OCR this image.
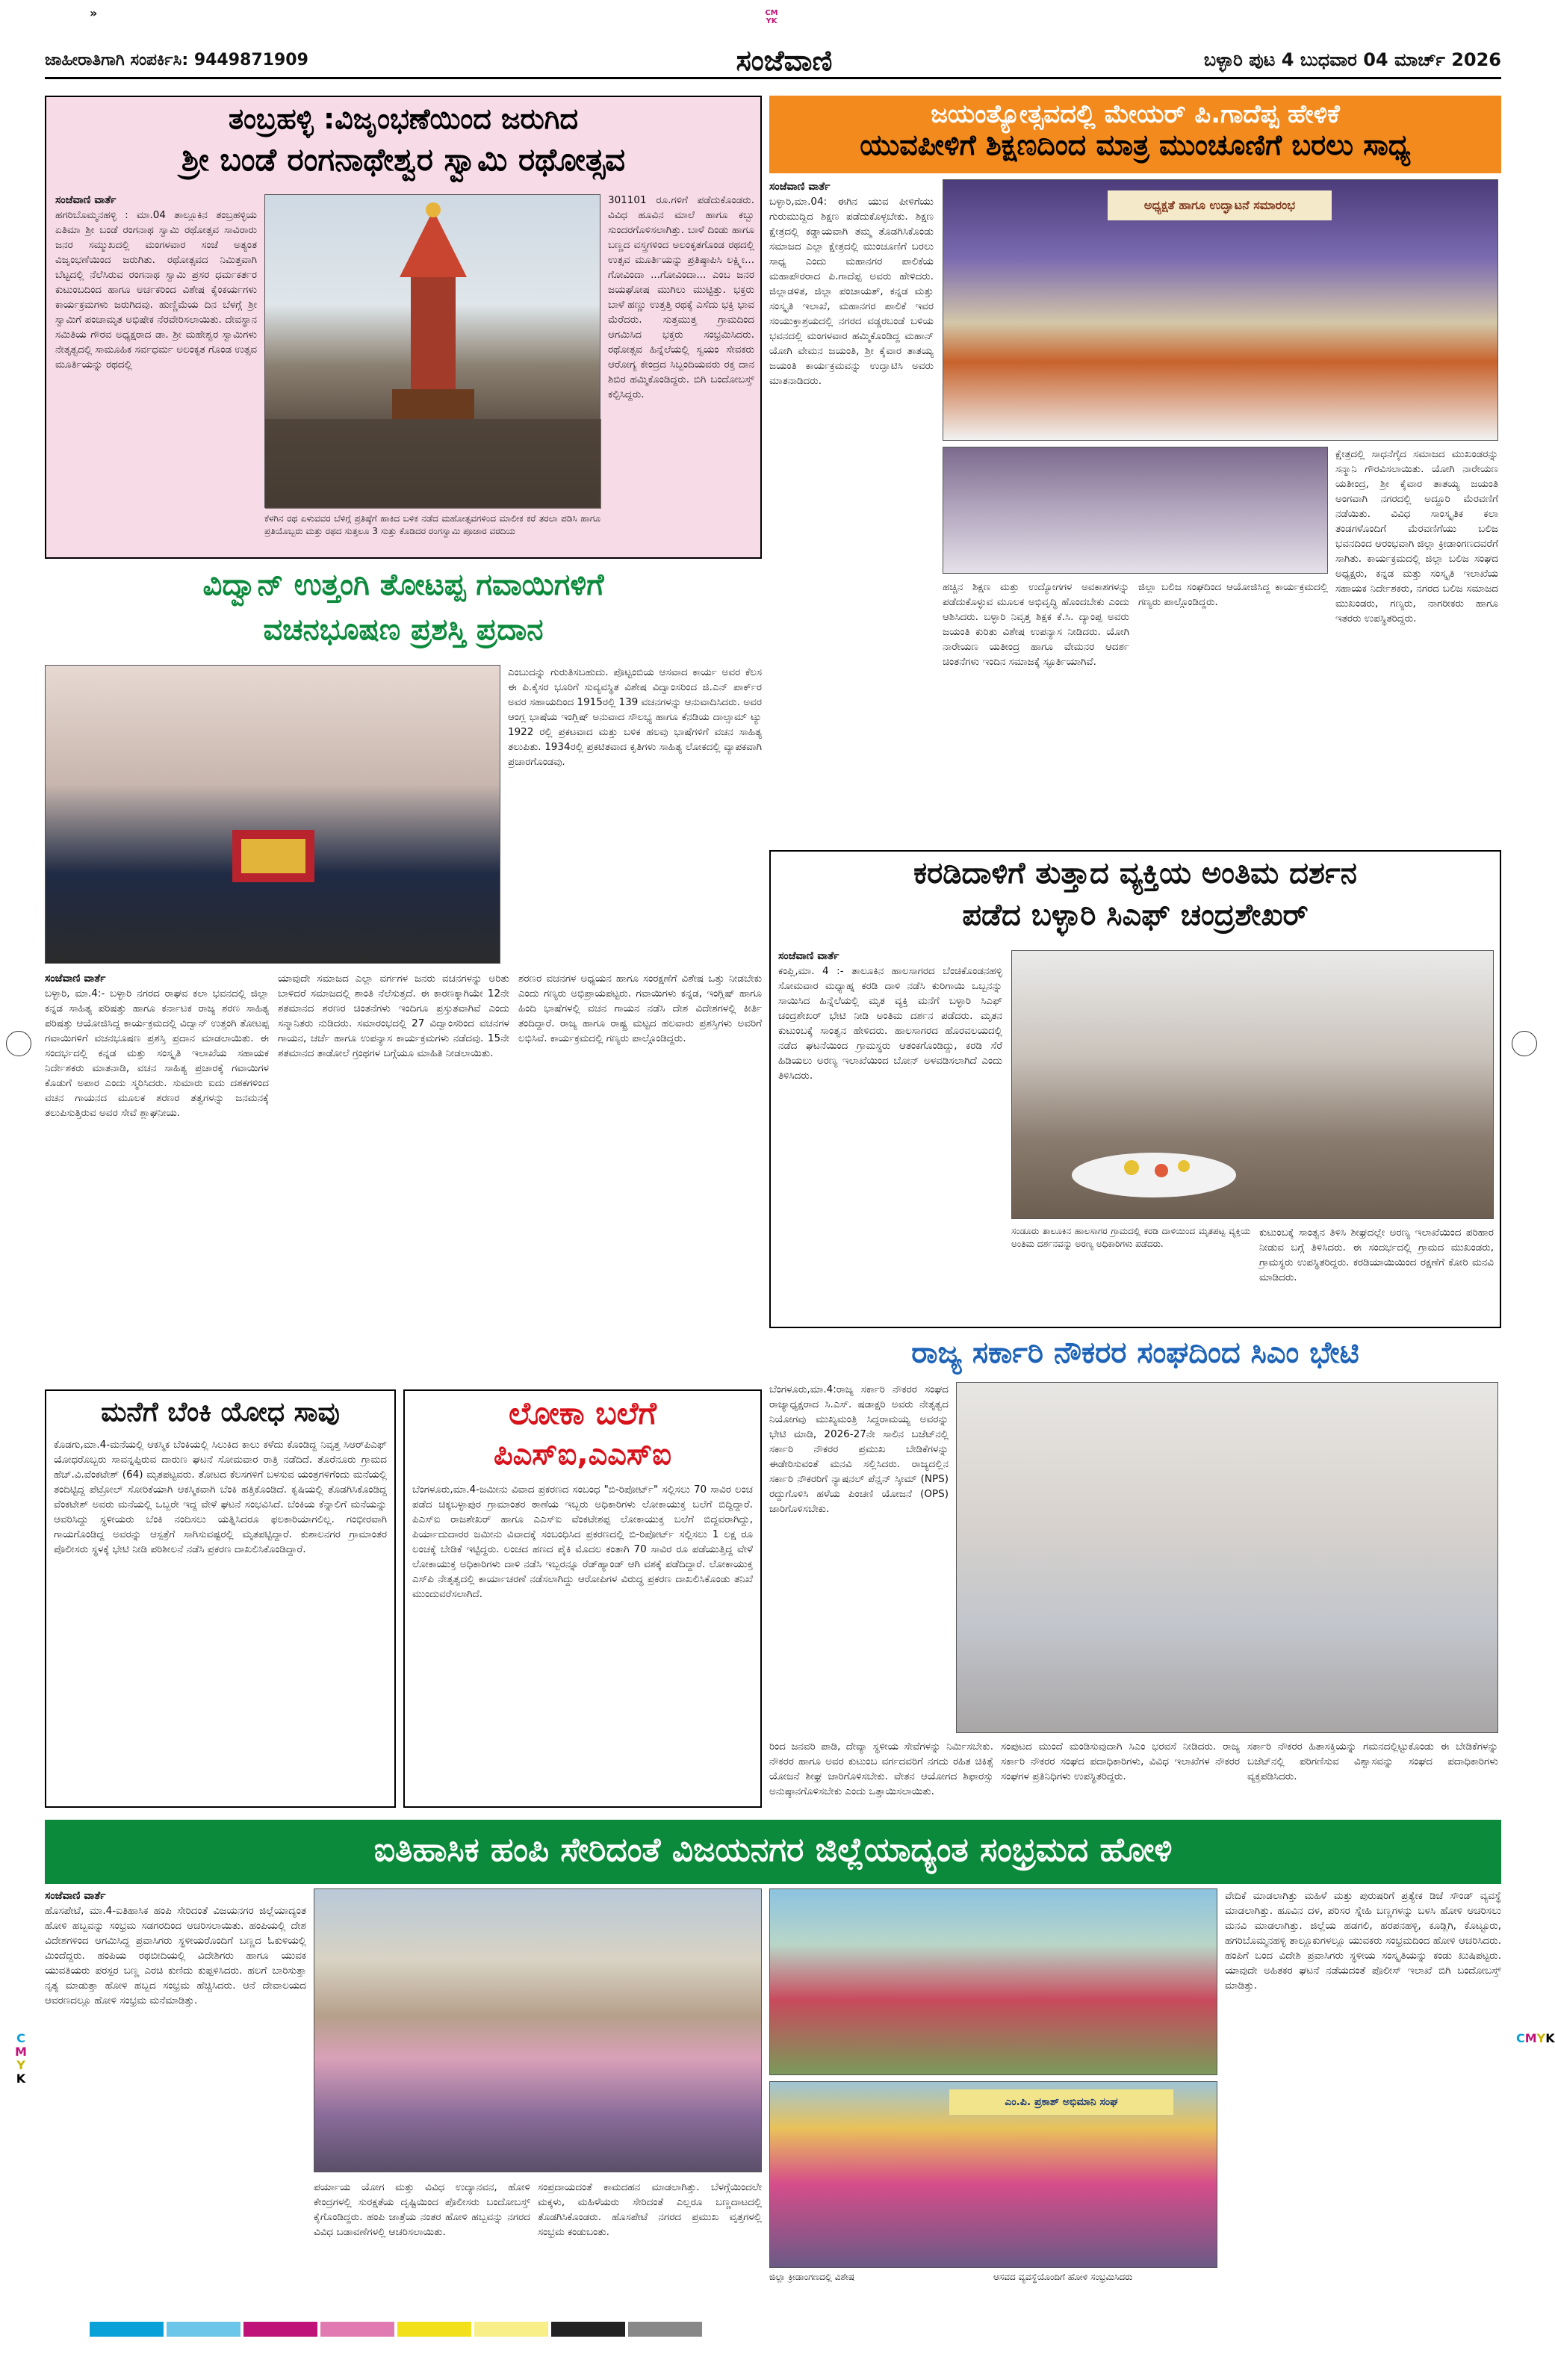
»	CMYK
CMYK
CMYK
ಜಾಹೀರಾತಿಗಾಗಿ ಸಂಪರ್ಕಿಸಿ: 9449871909	ಸಂಜೆವಾಣಿ	ಬಳ್ಳಾರಿ ಪುಟ 4 ಬುಧವಾರ 04 ಮಾರ್ಚ್ 2026
ತಂಬ್ರಹಳ್ಳಿ :ವಿಜೃಂಭಣೆಯಿಂದ ಜರುಗಿದ
ಶ್ರೀ ಬಂಡೆ ರಂಗನಾಥೇಶ್ವರ ಸ್ವಾಮಿ ರಥೋತ್ಸವ
ಸಂಜೆವಾಣಿ ವಾರ್ತೆ
ಹಗರಿಬೊಮ್ಮನಹಳ್ಳಿ : ಮಾ.04 ತಾಲ್ಲೂಕಿನ ತಂಬ್ರಹಳ್ಳಿಯ ಏತಿಮಾ ಶ್ರೀ ಬಂಡೆ ರಂಗನಾಥ ಸ್ವಾಮಿ ರಥೋತ್ಸವ ಸಾವಿರಾರು ಜನರ ಸಮ್ಮುಖದಲ್ಲಿ ಮಂಗಳವಾರ ಸಂಜೆ ಅತ್ಯಂತ ವಿಜೃಂಭಣೆಯಿಂದ ಜರುಗಿತು. ರಥೋತ್ಸವದ ನಿಮಿತ್ತವಾಗಿ ಬೆಟ್ಟದಲ್ಲಿ ನೆಲೆಸಿರುವ ರಂಗನಾಥ ಸ್ವಾಮಿ ಪ್ರಸರ ಧರ್ಮಕರ್ತರ ಕುಟುಂಬದಿಂದ ಹಾಗೂ ಅರ್ಚಕರಿಂದ ವಿಶೇಷ ಕೈಂಕರ್ಯಗಳು ಕಾರ್ಯಕ್ರಮಗಳು ಜರುಗಿದವು. ಹುಣ್ಣಿಮೆಯ ದಿನ ಬೆಳಗ್ಗೆ ಶ್ರೀ ಸ್ವಾಮಿಗೆ ಪಂಚಾಮೃತ ಅಭಿಷೇಕ ನೆರವೇರಿಸಲಾಯಿತು. ದೇವಸ್ಥಾನ ಸಮಿತಿಯ ಗೌರವ ಅಧ್ಯಕ್ಷರಾದ ಡಾ. ಶ್ರೀ ಮಹೇಶ್ವರ ಸ್ವಾಮಿಗಳು ನೇತೃತ್ವದಲ್ಲಿ ಸಾಮೂಹಿಕ ಸರ್ವಧರ್ಮ ಅಲಂಕೃತ ಗೊಂಡ ಉತ್ಸವ ಮೂರ್ತಿಯನ್ನು ರಥದಲ್ಲಿ
ಕೆಳಗಿನ ರಥ ಏಳುವವರ ಬೆಳಿಗ್ಗೆ ಪ್ರತಿಷ್ಠೆಗೆ ಹಾಕಿದ ಬಳಿಕ ನಡೆದ ಮಹೋತ್ಸವಗಳಿಂದ ಮಾಲೀಕ ಕರೆ ತರಲಾ ಪಡಿಸಿ ಹಾಗೂ ಪ್ರತಿಯೊಬ್ಬರು ಮತ್ತು ರಥದ ಸುತ್ತಲೂ 3 ಸುತ್ತು ಕೊಡಿದರ ರಂಗಸ್ವಾಮಿ ಪೂಜಾರ ವರದಿಯ
301101 ರೂ.ಗಳಿಗೆ ಪಡೆದುಕೊಂಡರು. ವಿವಿಧ ಹೂವಿನ ಮಾಲೆ ಹಾಗೂ ಕಬ್ಬು ಸುಂದರಗೊಳಿಸಲಾಗಿತ್ತು. ಬಾಳೆ ದಿಂಡು ಹಾಗೂ ಬಣ್ಣದ ವಸ್ತ್ರಗಳಿಂದ ಅಲಂಕೃತಗೊಂಡ ರಥದಲ್ಲಿ ಉತ್ಸವ ಮೂರ್ತಿಯನ್ನು ಪ್ರತಿಷ್ಠಾಪಿಸಿ ಲಕ್ಷ್ಮೀ... ಗೋವಿಂದಾ ...ಗೋವಿಂದಾ... ಎಂಬ ಜನರ ಜಯಘೋಷ ಮುಗಿಲು ಮುಟ್ಟಿತ್ತು. ಭಕ್ತರು ಬಾಳೆ ಹಣ್ಣು ಉತ್ತತ್ತಿ ರಥಕ್ಕೆ ಎಸೆದು ಭಕ್ತಿ ಭಾವ ಮೆರೆದರು. ಸುತ್ತಮುತ್ತ ಗ್ರಾಮದಿಂದ ಆಗಮಿಸಿದ ಭಕ್ತರು ಸಂಭ್ರಮಿಸಿದರು. ರಥೋತ್ಸವ ಹಿನ್ನೆಲೆಯಲ್ಲಿ ಸ್ವಯಂ ಸೇವಕರು ಆರೋಗ್ಯ ಕೇಂದ್ರದ ಸಿಬ್ಬಂದಿಯವರು ರಕ್ತ ದಾನ ಶಿಬಿರ ಹಮ್ಮಿಕೊಂಡಿದ್ದರು. ಬಿಗಿ ಬಂದೋಬಸ್ತ್ ಕಲ್ಪಿಸಿದ್ದರು.
ಜಯಂತ್ಯೋತ್ಸವದಲ್ಲಿ ಮೇಯರ್ ಪಿ.ಗಾದೆಪ್ಪ ಹೇಳಿಕೆ
ಯುವಪೀಳಿಗೆ ಶಿಕ್ಷಣದಿಂದ ಮಾತ್ರ ಮುಂಚೂಣಿಗೆ ಬರಲು ಸಾಧ್ಯ
ಸಂಜೆವಾಣಿ ವಾರ್ತೆ
ಬಳ್ಳಾರಿ,ಮಾ.04: ಈಗಿನ ಯುವ ಪೀಳಿಗೆಯು ಗುರುಮುದ್ದಿದ ಶಿಕ್ಷಣ ಪಡೆದುಕೊಳ್ಳಬೇಕು. ಶಿಕ್ಷಣ ಕ್ಷೇತ್ರದಲ್ಲಿ ಕಡ್ಡಾಯವಾಗಿ ತಮ್ಮ ತೊಡಗಿಸಿಕೊಂಡು ಸಮಾಜದ ಎಲ್ಲಾ ಕ್ಷೇತ್ರದಲ್ಲಿ ಮುಂಚೂಣಿಗೆ ಬರಲು ಸಾಧ್ಯ ಎಂದು ಮಹಾನಗರ ಪಾಲಿಕೆಯ ಮಹಾಪೌರರಾದ ಪಿ.ಗಾದೆಪ್ಪ ಅವರು ಹೇಳಿದರು. ಜಿಲ್ಲಾಡಳಿತ, ಜಿಲ್ಲಾ ಪಂಚಾಯತ್, ಕನ್ನಡ ಮತ್ತು ಸಂಸ್ಕೃತಿ ಇಲಾಖೆ, ಮಹಾನಗರ ಪಾಲಿಕೆ ಇವರ ಸಂಯುಕ್ತಾಶ್ರಯದಲ್ಲಿ ನಗರದ ವಡ್ಡರಬಂಡೆ ಬಳಿಯ ಭವನದಲ್ಲಿ ಮಂಗಳವಾರ ಹಮ್ಮಿಕೊಂಡಿದ್ದ ಮಹಾನ್ ಯೋಗಿ ವೇಮನ ಜಯಂತಿ, ಶ್ರೀ ಕೈವಾರ ತಾತಯ್ಯ ಜಯಂತಿ ಕಾರ್ಯಕ್ರಮವನ್ನು ಉದ್ಘಾಟಿಸಿ ಅವರು ಮಾತನಾಡಿದರು.
ಅಧ್ಯಕ್ಷತೆ ಹಾಗೂ ಉದ್ಘಾಟನೆ ಸಮಾರಂಭ
ಹಚ್ಚಿನ ಶಿಕ್ಷಣ ಮತ್ತು ಉದ್ಯೋಗಗಳ ಅವಕಾಶಗಳನ್ನು ಪಡೆದುಕೊಳ್ಳುವ ಮೂಲಕ ಅಭಿವೃದ್ಧಿ ಹೊಂದಬೇಕು ಎಂದು ಆಶಿಸಿದರು. ಬಳ್ಳಾರಿ ನಿವೃತ್ತ ಶಿಕ್ಷಕ ಕೆ.ಸಿ. ದ್ಯಾಂಪ್ಪ ಅವರು ಜಯಂತಿ ಕುರಿತು ವಿಶೇಷ ಉಪನ್ಯಾಸ ನೀಡಿದರು. ಯೋಗಿ ನಾರೇಯಣ ಯತೀಂದ್ರ ಹಾಗೂ ವೇಮನರ ಆದರ್ಶ ಚಿಂತನೆಗಳು ಇಂದಿನ ಸಮಾಜಕ್ಕೆ ಸ್ಫೂರ್ತಿಯಾಗಿವೆ.
ಜಿಲ್ಲಾ ಬಲಿಜ ಸಂಘದಿಂದ ಆಯೋಜಿಸಿದ್ದ ಕಾರ್ಯಕ್ರಮದಲ್ಲಿ ಗಣ್ಯರು ಪಾಲ್ಗೊಂಡಿದ್ದರು.
ಕ್ಷೇತ್ರದಲ್ಲಿ ಸಾಧನೆಗೈದ ಸಮಾಜದ ಮುಖಂಡರನ್ನು ಸನ್ಮಾನಿ ಗೌರವಿಸಲಾಯಿತು. ಯೋಗಿ ನಾರೇಯಣ ಯತೀಂದ್ರ, ಶ್ರೀ ಕೈವಾರ ತಾತಯ್ಯ ಜಯಂತಿ ಅಂಗವಾಗಿ ನಗರದಲ್ಲಿ ಅದ್ದೂರಿ ಮೆರವಣಿಗೆ ನಡೆಯಿತು. ವಿವಿಧ ಸಾಂಸ್ಕೃತಿಕ ಕಲಾ ತಂಡಗಳೊಂದಿಗೆ ಮೆರವಣಿಗೆಯು ಬಲಿಜ ಭವನದಿಂದ ಆರಂಭವಾಗಿ ಜಿಲ್ಲಾ ಕ್ರೀಡಾಂಗಣದವರೆಗೆ ಸಾಗಿತು. ಕಾರ್ಯಕ್ರಮದಲ್ಲಿ ಜಿಲ್ಲಾ ಬಲಿಜ ಸಂಘದ ಅಧ್ಯಕ್ಷರು, ಕನ್ನಡ ಮತ್ತು ಸಂಸ್ಕೃತಿ ಇಲಾಖೆಯ ಸಹಾಯಕ ನಿರ್ದೇಶಕರು, ನಗರದ ಬಲಿಜ ಸಮಾಜದ ಮುಖಂಡರು, ಗಣ್ಯರು, ನಾಗರೀಕರು ಹಾಗೂ ಇತರರು ಉಪಸ್ಥಿತರಿದ್ದರು.
ವಿದ್ವಾನ್ ಉತ್ತಂಗಿ ತೋಟಪ್ಪ ಗವಾಯಿಗಳಿಗೆ
ವಚನಭೂಷಣ ಪ್ರಶಸ್ತಿ ಪ್ರದಾನ
ಎಂಬುದನ್ನು ಗುರುತಿಸಬಹುದು. ಪೊಟ್ಟಂಬಿಯ ಆಸವಾದ ಕಾರ್ಯ ಅವರ ಕೆಲಸ ಈ ಪಿ.ಕೈಸರ ಭೂರಿಗೆ ಸುವ್ಯವಸ್ಥಿತ ವಿಶೇಷ ವಿದ್ವಾಂಸರಿಂದ ಜಿ.ಎನ್ ಪಾರ್ಕ್‌ರ ಅವರ ಸಹಾಯದಿಂದ 1915ರಲ್ಲಿ 139 ವಚನಗಳನ್ನು ಆನುವಾದಿಸಿದರು. ಅವರ ಆಂಗ್ಲ ಭಾಷೆಯ ಇಂಗ್ಲಿಷ್ ಅನುವಾದ ಸೌಲಭ್ಯ ಹಾಗೂ ಕೆನಡಿಯ ದಾಲ್ಸಾಮ್ ಟ್ಯು 1922 ರಲ್ಲಿ ಪ್ರಕಟವಾದ ಮತ್ತು ಬಳಿಕ ಹಲವು ಭಾಷೆಗಳಿಗೆ ವಚನ ಸಾಹಿತ್ಯ ತಲುಪಿತು. 1934ರಲ್ಲಿ ಪ್ರಕಟಿತವಾದ ಕೃತಿಗಳು ಸಾಹಿತ್ಯ ಲೋಕದಲ್ಲಿ ವ್ಯಾಪಕವಾಗಿ ಪ್ರಚಾರಗೊಂಡವು.
ಸಂಜೆವಾಣಿ ವಾರ್ತೆ
ಬಳ್ಳಾರಿ, ಮಾ.4:- ಬಳ್ಳಾರಿ ನಗರದ ರಾಘವ ಕಲಾ ಭವನದಲ್ಲಿ ಜಿಲ್ಲಾ ಕನ್ನಡ ಸಾಹಿತ್ಯ ಪರಿಷತ್ತು ಹಾಗೂ ಕರ್ನಾಟಕ ರಾಜ್ಯ ಶರಣ ಸಾಹಿತ್ಯ ಪರಿಷತ್ತು ಆಯೋಜಿಸಿದ್ದ ಕಾರ್ಯಕ್ರಮದಲ್ಲಿ ವಿದ್ವಾನ್ ಉತ್ತಂಗಿ ತೋಟಪ್ಪ ಗವಾಯಿಗಳಿಗೆ ವಚನಭೂಷಣ ಪ್ರಶಸ್ತಿ ಪ್ರದಾನ ಮಾಡಲಾಯಿತು. ಈ ಸಂದರ್ಭದಲ್ಲಿ ಕನ್ನಡ ಮತ್ತು ಸಂಸ್ಕೃತಿ ಇಲಾಖೆಯ ಸಹಾಯಕ ನಿರ್ದೇಶಕರು ಮಾತನಾಡಿ, ವಚನ ಸಾಹಿತ್ಯ ಪ್ರಚಾರಕ್ಕೆ ಗವಾಯಿಗಳ ಕೊಡುಗೆ ಅಪಾರ ಎಂದು ಸ್ಮರಿಸಿದರು. ಸುಮಾರು ಐದು ದಶಕಗಳಿಂದ ವಚನ ಗಾಯನದ ಮೂಲಕ ಶರಣರ ತತ್ವಗಳನ್ನು ಜನಮನಕ್ಕೆ ತಲುಪಿಸುತ್ತಿರುವ ಅವರ ಸೇವೆ ಶ್ಲಾಘನೀಯ.
ಯಾವುದೇ ಸಮಾಜದ ಎಲ್ಲಾ ವರ್ಗಗಳ ಜನರು ವಚನಗಳನ್ನು ಅರಿತು ಬಾಳಿದರೆ ಸಮಾಜದಲ್ಲಿ ಶಾಂತಿ ನೆಲೆಸುತ್ತದೆ. ಈ ಕಾರಣಕ್ಕಾಗಿಯೇ 12ನೇ ಶತಮಾನದ ಶರಣರ ಚಿಂತನೆಗಳು ಇಂದಿಗೂ ಪ್ರಸ್ತುತವಾಗಿವೆ ಎಂದು ಸನ್ಮಾನಿತರು ನುಡಿದರು. ಸಮಾರಂಭದಲ್ಲಿ 27 ವಿದ್ವಾಂಸರಿಂದ ವಚನಗಳ ಗಾಯನ, ಚರ್ಚೆ ಹಾಗೂ ಉಪನ್ಯಾಸ ಕಾರ್ಯಕ್ರಮಗಳು ನಡೆದವು. 15ನೇ ಶತಮಾನದ ತಾಡೋಲೆ ಗ್ರಂಥಗಳ ಬಗ್ಗೆಯೂ ಮಾಹಿತಿ ನೀಡಲಾಯಿತು.
ಶರಣರ ವಚನಗಳ ಅಧ್ಯಯನ ಹಾಗೂ ಸಂರಕ್ಷಣೆಗೆ ವಿಶೇಷ ಒತ್ತು ನೀಡಬೇಕು ಎಂದು ಗಣ್ಯರು ಅಭಿಪ್ರಾಯಪಟ್ಟರು. ಗವಾಯಿಗಳು ಕನ್ನಡ, ಇಂಗ್ಲಿಷ್ ಹಾಗೂ ಹಿಂದಿ ಭಾಷೆಗಳಲ್ಲಿ ವಚನ ಗಾಯನ ನಡೆಸಿ ದೇಶ ವಿದೇಶಗಳಲ್ಲಿ ಕೀರ್ತಿ ತಂದಿದ್ದಾರೆ. ರಾಜ್ಯ ಹಾಗೂ ರಾಷ್ಟ್ರ ಮಟ್ಟದ ಹಲವಾರು ಪ್ರಶಸ್ತಿಗಳು ಅವರಿಗೆ ಲಭಿಸಿವೆ. ಕಾರ್ಯಕ್ರಮದಲ್ಲಿ ಗಣ್ಯರು ಪಾಲ್ಗೊಂಡಿದ್ದರು.
ಕರಡಿದಾಳಿಗೆ ತುತ್ತಾದ ವ್ಯಕ್ತಿಯ ಅಂತಿಮ ದರ್ಶನ
ಪಡೆದ ಬಳ್ಳಾರಿ ಸಿಎಫ್ ಚಂದ್ರಶೇಖರ್
ಸಂಜೆವಾಣಿ ವಾರ್ತೆ
ಕಂಪ್ಲಿ,ಮಾ. 4 :- ತಾಲೂಕಿನ ಹಾಲಸಾಗರದ ಬೆಂಚಿಕೊಂಡನಹಳ್ಳಿ ಸೋಮವಾರ ಮಧ್ಯಾಹ್ನ ಕರಡಿ ದಾಳಿ ನಡೆಸಿ ಕುರಿಗಾಯಿ ಒಬ್ಬನನ್ನು ಸಾಯಿಸಿದ ಹಿನ್ನೆಲೆಯಲ್ಲಿ ಮೃತ ವ್ಯಕ್ತಿ ಮನೆಗೆ ಬಳ್ಳಾರಿ ಸಿಎಫ್ ಚಂದ್ರಶೇಖರ್ ಭೇಟಿ ನೀಡಿ ಅಂತಿಮ ದರ್ಶನ ಪಡೆದರು. ಮೃತನ ಕುಟುಂಬಕ್ಕೆ ಸಾಂತ್ವನ ಹೇಳಿದರು. ಹಾಲಸಾಗರದ ಹೊರವಲಯದಲ್ಲಿ ನಡೆದ ಘಟನೆಯಿಂದ ಗ್ರಾಮಸ್ಥರು ಆತಂಕಗೊಂಡಿದ್ದು, ಕರಡಿ ಸೆರೆ ಹಿಡಿಯಲು ಅರಣ್ಯ ಇಲಾಖೆಯಿಂದ ಬೋನ್ ಅಳವಡಿಸಲಾಗಿದೆ ಎಂದು ತಿಳಿಸಿದರು.
ಸಂಡೂರು ತಾಲೂಕಿನ ಹಾಲಸಾಗರ ಗ್ರಾಮದಲ್ಲಿ ಕರಡಿ ದಾಳಿಯಿಂದ ಮೃತಪಟ್ಟ ವ್ಯಕ್ತಿಯ ಅಂತಿಮ ದರ್ಶನವನ್ನು ಅರಣ್ಯ ಅಧಿಕಾರಿಗಳು ಪಡೆದರು.
ಕುಟುಂಬಕ್ಕೆ ಸಾಂತ್ವನ ತಿಳಿಸಿ ಶೀಘ್ರದಲ್ಲೇ ಅರಣ್ಯ ಇಲಾಖೆಯಿಂದ ಪರಿಹಾರ ನೀಡುವ ಬಗ್ಗೆ ತಿಳಿಸಿದರು. ಈ ಸಂದರ್ಭದಲ್ಲಿ ಗ್ರಾಮದ ಮುಖಂಡರು, ಗ್ರಾಮಸ್ಥರು ಉಪಸ್ಥಿತರಿದ್ದರು. ಕರಡಿಯಾಯಿಯಿಂದ ರಕ್ಷಣೆಗೆ ಕೋರಿ ಮನವಿ ಮಾಡಿದರು.
ರಾಜ್ಯ ಸರ್ಕಾರಿ ನೌಕರರ ಸಂಘದಿಂದ ಸಿಎಂ ಭೇಟಿ
ಬೆಂಗಳೂರು,ಮಾ.4:ರಾಜ್ಯ ಸರ್ಕಾರಿ ನೌಕರರ ಸಂಘದ ರಾಜ್ಯಾಧ್ಯಕ್ಷರಾದ ಸಿ.ಎಸ್. ಷಡಾಕ್ಷರಿ ಅವರು ನೇತೃತ್ವದ ನಿಯೋಗವು ಮುಖ್ಯಮಂತ್ರಿ ಸಿದ್ದರಾಮಯ್ಯ ಅವರನ್ನು ಭೇಟಿ ಮಾಡಿ, 2026-27ನೇ ಸಾಲಿನ ಬಜೆಟ್‌ನಲ್ಲಿ ಸರ್ಕಾರಿ ನೌಕರರ ಪ್ರಮುಖ ಬೇಡಿಕೆಗಳನ್ನು ಈಡೇರಿಸುವಂತೆ ಮನವಿ ಸಲ್ಲಿಸಿದರು. ರಾಜ್ಯದಲ್ಲಿನ ಸರ್ಕಾರಿ ನೌಕರರಿಗೆ ನ್ಯಾಷನಲ್ ಪೆನ್ಷನ್ ಸ್ಕೀಮ್ (NPS) ರದ್ದುಗೊಳಿಸಿ ಹಳೆಯ ಪಿಂಚಣಿ ಯೋಜನೆ (OPS) ಜಾರಿಗೊಳಿಸಬೇಕು.
ರಿಂದ ಜನವರಿ ಪಾಡಿ, ದೇವ್ಯಾ ಸ್ಥಳೀಯ ಸೇವೆಗಳನ್ನು ನಿರ್ಮಿಸಬೇಕು. ನೌಕರರ ಹಾಗೂ ಅವರ ಕುಟುಂಬ ವರ್ಗದವರಿಗೆ ನಗದು ರಹಿತ ಚಿಕಿತ್ಸೆ ಯೋಜನೆ ಶೀಘ್ರ ಜಾರಿಗೊಳಿಸಬೇಕು. ವೇತನ ಆಯೋಗದ ಶಿಫಾರಸ್ಸು ಅನುಷ್ಠಾನಗೊಳಿಸಬೇಕು ಎಂದು ಒತ್ತಾಯಿಸಲಾಯಿತು.
ಸಂಪುಟದ ಮುಂದೆ ಮಂಡಿಸುವುದಾಗಿ ಸಿಎಂ ಭರವಸೆ ನೀಡಿದರು. ರಾಜ್ಯ ಸರ್ಕಾರಿ ನೌಕರರ ಸಂಘದ ಪದಾಧಿಕಾರಿಗಳು, ವಿವಿಧ ಇಲಾಖೆಗಳ ನೌಕರರ ಸಂಘಗಳ ಪ್ರತಿನಿಧಿಗಳು ಉಪಸ್ಥಿತರಿದ್ದರು.
ಸರ್ಕಾರಿ ನೌಕರರ ಹಿತಾಸಕ್ತಿಯನ್ನು ಗಮನದಲ್ಲಿಟ್ಟುಕೊಂಡು ಈ ಬೇಡಿಕೆಗಳನ್ನು ಬಜೆಟ್‌ನಲ್ಲಿ ಪರಿಗಣಿಸುವ ವಿಶ್ವಾಸವನ್ನು ಸಂಘದ ಪದಾಧಿಕಾರಿಗಳು ವ್ಯಕ್ತಪಡಿಸಿದರು.
ಮನೆಗೆ ಬೆಂಕಿ ಯೋಧ ಸಾವು
ಕೊಡಗು,ಮಾ.4-ಮನೆಯಲ್ಲಿ ಆಕಸ್ಮಿಕ ಬೆಂಕಿಯಲ್ಲಿ ಸಿಲುಕಿದ ಕಾಲು ಕಳೆದು ಕೊಂಡಿದ್ದ ನಿವೃತ್ತ ಸಿಆರ್‌ಪಿಎಫ್ ಯೋಧರೊಬ್ಬರು ಸಾವನ್ನಪ್ಪಿರುವ ದಾರುಣ ಘಟನೆ ಸೋಮವಾರ ರಾತ್ರಿ ನಡೆದಿದೆ. ತೊರೆನೂರು ಗ್ರಾಮದ ಹೆಚ್.ವಿ.ವೆಂಕಟೇಶ್ (64) ಮೃತಪಟ್ಟವರು. ತೋಟದ ಕೆಲಸಗಳಿಗೆ ಬಳಸುವ ಯಂತ್ರಗಳಿಗೆಂದು ಮನೆಯಲ್ಲಿ ತಂದಿಟ್ಟಿದ್ದ ಪೆಟ್ರೋಲ್ ಸೋರಿಕೆಯಾಗಿ ಆಕಸ್ಮಿಕವಾಗಿ ಬೆಂಕಿ ಹತ್ತಿಕೊಂಡಿದೆ. ಕೃಷಿಯಲ್ಲಿ ತೊಡಗಿಸಿಕೊಂಡಿದ್ದ ವೆಂಕಟೇಶ್ ಅವರು ಮನೆಯಲ್ಲಿ ಒಬ್ಬರೇ ಇದ್ದ ವೇಳೆ ಘಟನೆ ಸಂಭವಿಸಿದೆ. ಬೆಂಕಿಯ ಕೆನ್ನಾಲಿಗೆ ಮನೆಯನ್ನು ಆವರಿಸಿದ್ದು ಸ್ಥಳೀಯರು ಬೆಂಕಿ ನಂದಿಸಲು ಯತ್ನಿಸಿದರೂ ಫಲಕಾರಿಯಾಗಲಿಲ್ಲ. ಗಂಭೀರವಾಗಿ ಗಾಯಗೊಂಡಿದ್ದ ಅವರನ್ನು ಆಸ್ಪತ್ರೆಗೆ ಸಾಗಿಸುವಷ್ಟರಲ್ಲಿ ಮೃತಪಟ್ಟಿದ್ದಾರೆ. ಕುಶಾಲನಗರ ಗ್ರಾಮಾಂತರ ಪೊಲೀಸರು ಸ್ಥಳಕ್ಕೆ ಭೇಟಿ ನೀಡಿ ಪರಿಶೀಲನೆ ನಡೆಸಿ ಪ್ರಕರಣ ದಾಖಲಿಸಿಕೊಂಡಿದ್ದಾರೆ.
ಲೋಕಾ ಬಲೆಗೆ
ಪಿಎಸ್‌ಐ,ಎಎಸ್‌ಐ
ಬೆಂಗಳೂರು,ಮಾ.4-ಜಮೀನು ವಿವಾದ ಪ್ರಕರಣದ ಸಂಬಂಧ "ಬಿ-ರಿಪೋರ್ಟ್" ಸಲ್ಲಿಸಲು 70 ಸಾವಿರ ಲಂಚ ಪಡೆದ ಚಿಕ್ಕಬಳ್ಳಾಪುರ ಗ್ರಾಮಾಂತರ ಠಾಣೆಯ ಇಬ್ಬರು ಅಧಿಕಾರಿಗಳು ಲೋಕಾಯುಕ್ತ ಬಲೆಗೆ ಬಿದ್ದಿದ್ದಾರೆ. ಪಿಎಸ್‌ಐ ರಾಜಶೇಖರ್ ಹಾಗೂ ಎಎಸ್‌ಐ ವೆಂಕಟೇಶಪ್ಪ ಲೋಕಾಯುಕ್ತ ಬಲೆಗೆ ಬಿದ್ದವರಾಗಿದ್ದು, ಪಿರ್ಯಾದುದಾರರ ಜಮೀನು ವಿವಾದಕ್ಕೆ ಸಂಬಂಧಿಸಿದ ಪ್ರಕರಣದಲ್ಲಿ ಬಿ-ರಿಪೋರ್ಟ್ ಸಲ್ಲಿಸಲು 1 ಲಕ್ಷ ರೂ ಲಂಚಕ್ಕೆ ಬೇಡಿಕೆ ಇಟ್ಟಿದ್ದರು. ಲಂಚದ ಹಣದ ಪೈಕಿ ಮೊದಲ ಕಂತಾಗಿ 70 ಸಾವಿರ ರೂ ಪಡೆಯುತ್ತಿದ್ದ ವೇಳೆ ಲೋಕಾಯುಕ್ತ ಅಧಿಕಾರಿಗಳು ದಾಳಿ ನಡೆಸಿ ಇಬ್ಬರನ್ನೂ ರೆಡ್‌ಹ್ಯಾಂಡ್ ಆಗಿ ವಶಕ್ಕೆ ಪಡೆದಿದ್ದಾರೆ. ಲೋಕಾಯುಕ್ತ ಎಸ್‌ಪಿ ನೇತೃತ್ವದಲ್ಲಿ ಕಾರ್ಯಾಚರಣೆ ನಡೆಸಲಾಗಿದ್ದು ಆರೋಪಿಗಳ ವಿರುದ್ಧ ಪ್ರಕರಣ ದಾಖಲಿಸಿಕೊಂಡು ತನಿಖೆ ಮುಂದುವರೆಸಲಾಗಿದೆ.
ಐತಿಹಾಸಿಕ ಹಂಪಿ ಸೇರಿದಂತೆ ವಿಜಯನಗರ ಜಿಲ್ಲೆಯಾದ್ಯಂತ ಸಂಭ್ರಮದ ಹೋಳಿ
ಸಂಜೆವಾಣಿ ವಾರ್ತೆ
ಹೊಸಪೇಟೆ, ಮಾ.4-ಐತಿಹಾಸಿಕ ಹಂಪಿ ಸೇರಿದಂತೆ ವಿಜಯನಗರ ಜಿಲ್ಲೆಯಾದ್ಯಂತ ಹೋಳಿ ಹಬ್ಬವನ್ನು ಸಂಭ್ರಮ ಸಡಗರದಿಂದ ಆಚರಿಸಲಾಯಿತು. ಹಂಪಿಯಲ್ಲಿ ದೇಶ ವಿದೇಶಗಳಿಂದ ಆಗಮಿಸಿದ್ದ ಪ್ರವಾಸಿಗರು ಸ್ಥಳೀಯರೊಂದಿಗೆ ಬಣ್ಣದ ಓಕುಳಿಯಲ್ಲಿ ಮಿಂದೆದ್ದರು. ಹಂಪಿಯ ರಥಬೀದಿಯಲ್ಲಿ ವಿದೇಶಿಗರು ಹಾಗೂ ಯುವಕ ಯುವತಿಯರು ಪರಸ್ಪರ ಬಣ್ಣ ಎರಚಿ ಕುಣಿದು ಕುಪ್ಪಳಿಸಿದರು. ಹಲಗೆ ಬಾರಿಸುತ್ತಾ ನೃತ್ಯ ಮಾಡುತ್ತಾ ಹೋಳಿ ಹಬ್ಬದ ಸಂಭ್ರಮ ಹೆಚ್ಚಿಸಿದರು. ಆನೆ ದೇವಾಲಯದ ಆವರಣದಲ್ಲೂ ಹೋಳಿ ಸಂಭ್ರಮ ಮನೆಮಾಡಿತ್ತು.
ಪರ್ಯಾಯ ಯೋಗ ಮತ್ತು ವಿವಿಧ ಉದ್ಯಾನವನ, ಹೋಳಿ ಕೇಂದ್ರಗಳಲ್ಲಿ ಸುರಕ್ಷತೆಯ ದೃಷ್ಟಿಯಿಂದ ಪೊಲೀಸರು ಬಂದೋಬಸ್ತ್ ಕೈಗೊಂಡಿದ್ದರು. ಹಂಪಿ ಜಾತ್ರೆಯ ನಂತರ ಹೋಳಿ ಹಬ್ಬವನ್ನು ನಗರದ ವಿವಿಧ ಬಡಾವಣೆಗಳಲ್ಲಿ ಆಚರಿಸಲಾಯಿತು.
ಸಂಪ್ರದಾಯದಂತೆ ಕಾಮದಹನ ಮಾಡಲಾಗಿತ್ತು. ಬೆಳಗ್ಗೆಯಿಂದಲೇ ಮಕ್ಕಳು, ಮಹಿಳೆಯರು ಸೇರಿದಂತೆ ಎಲ್ಲರೂ ಬಣ್ಣದಾಟದಲ್ಲಿ ತೊಡಗಿಸಿಕೊಂಡರು. ಹೊಸಪೇಟೆ ನಗರದ ಪ್ರಮುಖ ವೃತ್ತಗಳಲ್ಲಿ ಸಂಭ್ರಮ ಕಂಡುಬಂತು.
ಎಂ.ಪಿ. ಪ್ರಕಾಶ್ ಅಭಿಮಾನಿ ಸಂಘ
ಜಿಲ್ಲಾ ಕ್ರೀಡಾಂಗಣದಲ್ಲಿ ವಿಶೇಷ	ಆಸವದ ವ್ಯವಸ್ಥೆಯೊಂದಿಗೆ ಹೋಳಿ ಸಂಭ್ರಮಿಸಿದರು
ವೇದಿಕೆ ಮಾಡಲಾಗಿತ್ತು ಮಹಿಳೆ ಮತ್ತು ಪುರುಷರಿಗೆ ಪ್ರತ್ಯೇಕ ಡಿಜೆ ಸೌಂಡ್ ವ್ಯವಸ್ಥೆ ಮಾಡಲಾಗಿತ್ತು. ಹೂವಿನ ದಳ, ಪರಿಸರ ಸ್ನೇಹಿ ಬಣ್ಣಗಳನ್ನು ಬಳಸಿ ಹೋಳಿ ಆಚರಿಸಲು ಮನವಿ ಮಾಡಲಾಗಿತ್ತು. ಜಿಲ್ಲೆಯ ಹಡಗಲಿ, ಹರಪನಹಳ್ಳಿ, ಕೂಡ್ಲಿಗಿ, ಕೊಟ್ಟೂರು, ಹಗರಿಬೊಮ್ಮನಹಳ್ಳಿ ತಾಲ್ಲೂಕುಗಳಲ್ಲೂ ಯುವಕರು ಸಂಭ್ರಮದಿಂದ ಹೋಳಿ ಆಚರಿಸಿದರು. ಹಂಪಿಗೆ ಬಂದ ವಿದೇಶಿ ಪ್ರವಾಸಿಗರು ಸ್ಥಳೀಯ ಸಂಸ್ಕೃತಿಯನ್ನು ಕಂಡು ಖುಷಿಪಟ್ಟರು. ಯಾವುದೇ ಅಹಿತಕರ ಘಟನೆ ನಡೆಯದಂತೆ ಪೊಲೀಸ್ ಇಲಾಖೆ ಬಿಗಿ ಬಂದೋಬಸ್ತ್ ಮಾಡಿತ್ತು.
